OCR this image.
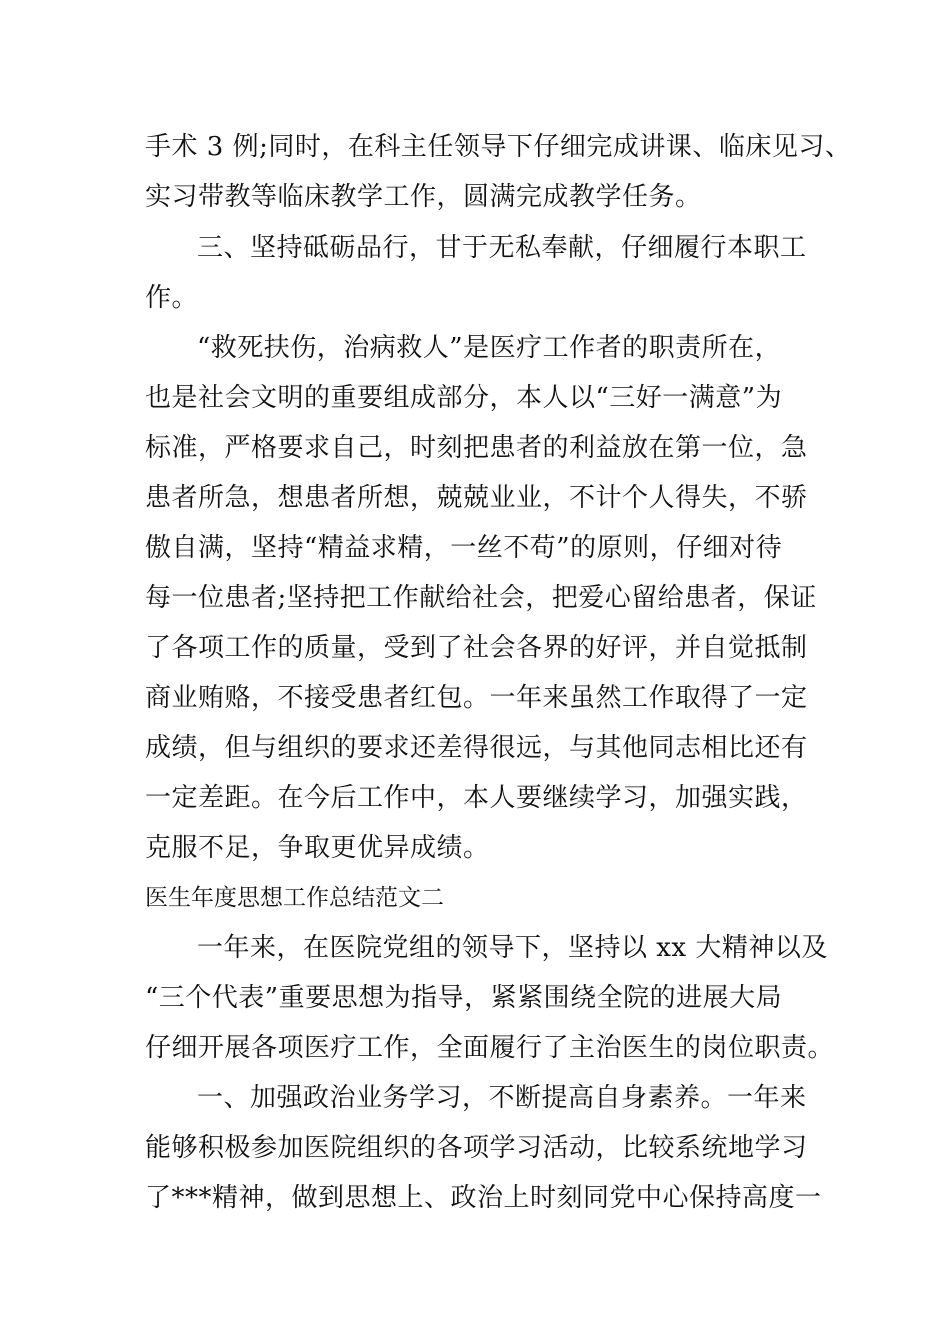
手术 3 例;同时，在科主任领导下仔细完成讲课、临床见习、
实习带教等临床教学工作，圆满完成教学任务。
三、坚持砥砺品行，甘于无私奉献，仔细履行本职工
作。
“救死扶伤，治病救人”是医疗工作者的职责所在，
也是社会文明的重要组成部分，本人以“三好一满意”为
标准，严格要求自己，时刻把患者的利益放在第一位，急
患者所急，想患者所想，兢兢业业，不计个人得失，不骄
傲自满，坚持“精益求精，一丝不苟”的原则，仔细对待
每一位患者;坚持把工作献给社会，把爱心留给患者，保证
了各项工作的质量，受到了社会各界的好评，并自觉抵制
商业贿赂，不接受患者红包。一年来虽然工作取得了一定
成绩，但与组织的要求还差得很远，与其他同志相比还有
一定差距。在今后工作中，本人要继续学习，加强实践，
克服不足，争取更优异成绩。
医生年度思想工作总结范文二
一年来，在医院党组的领导下，坚持以 xx 大精神以及
“三个代表”重要思想为指导，紧紧围绕全院的进展大局
仔细开展各项医疗工作，全面履行了主治医生的岗位职责。
一、加强政治业务学习，不断提高自身素养。一年来
能够积极参加医院组织的各项学习活动，比较系统地学习
了***精神，做到思想上、政治上时刻同党中心保持高度一
